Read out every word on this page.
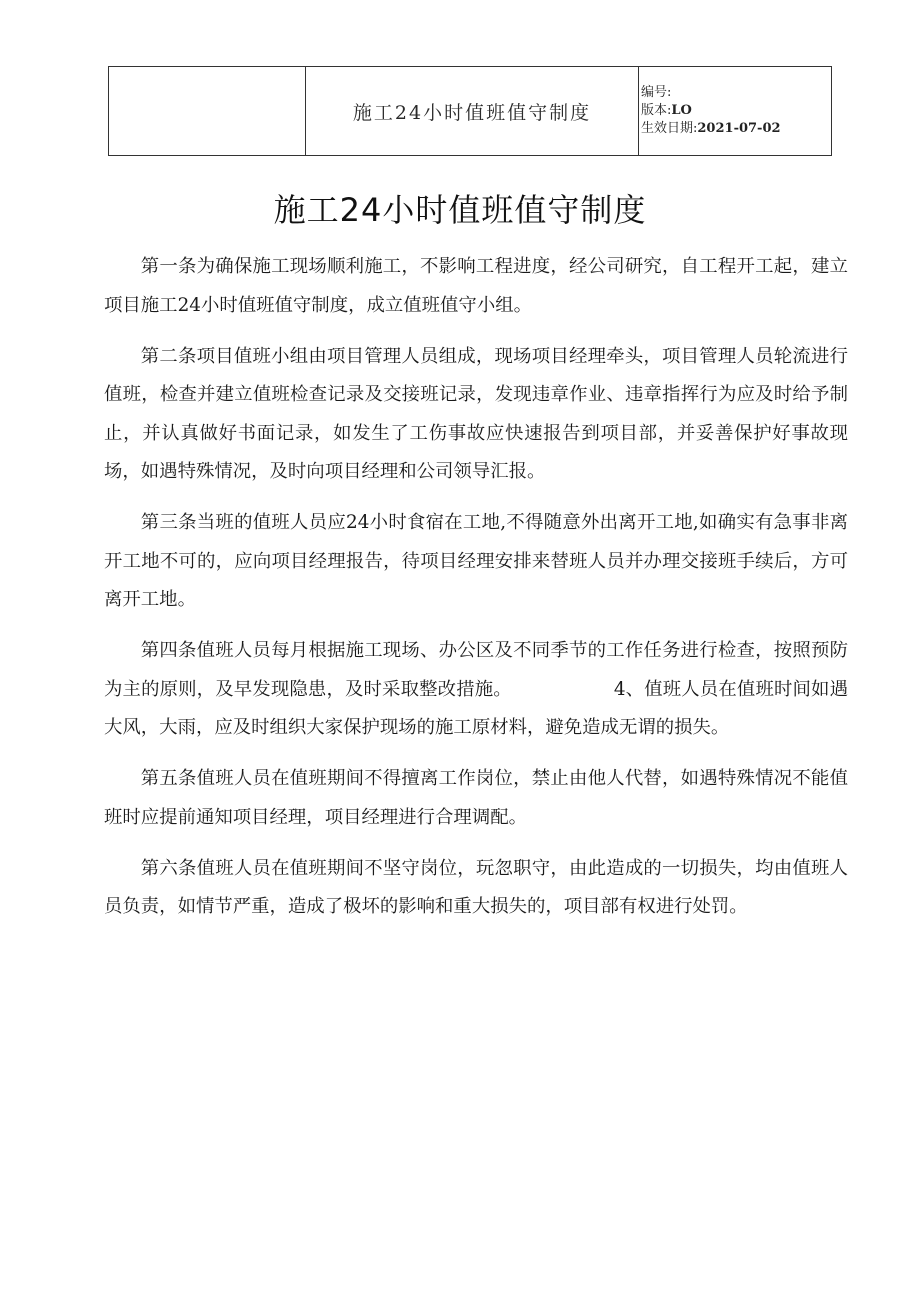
	施工24小时值班值守制度	
编号:
版本:LO
生效日期:2021-07-02
施工24小时值班值守制度

第一条为确保施工现场顺利施工，不影响工程进度，经公司研究，自工程开工起，建立项目施工24小时值班值守制度，成立值班值守小组。

第二条项目值班小组由项目管理人员组成，现场项目经理牵头，项目管理人员轮流进行值班，检查并建立值班检查记录及交接班记录，发现违章作业、违章指挥行为应及时给予制止，并认真做好书面记录，如发生了工伤事故应快速报告到项目部，并妥善保护好事故现场，如遇特殊情况，及时向项目经理和公司领导汇报。

第三条当班的值班人员应24小时食宿在工地,不得随意外出离开工地,如确实有急事非离开工地不可的，应向项目经理报告，待项目经理安排来替班人员并办理交接班手续后，方可离开工地。

第四条值班人员每月根据施工现场、办公区及不同季节的工作任务进行检查，按照预防为主的原则，及早发现隐患，及时采取整改措施。　　　　　　4、值班人员在值班时间如遇大风，大雨，应及时组织大家保护现场的施工原材料，避免造成无谓的损失。

第五条值班人员在值班期间不得擅离工作岗位，禁止由他人代替，如遇特殊情况不能值班时应提前通知项目经理，项目经理进行合理调配。

第六条值班人员在值班期间不坚守岗位，玩忽职守，由此造成的一切损失，均由值班人员负责，如情节严重，造成了极坏的影响和重大损失的，项目部有权进行处罚。
